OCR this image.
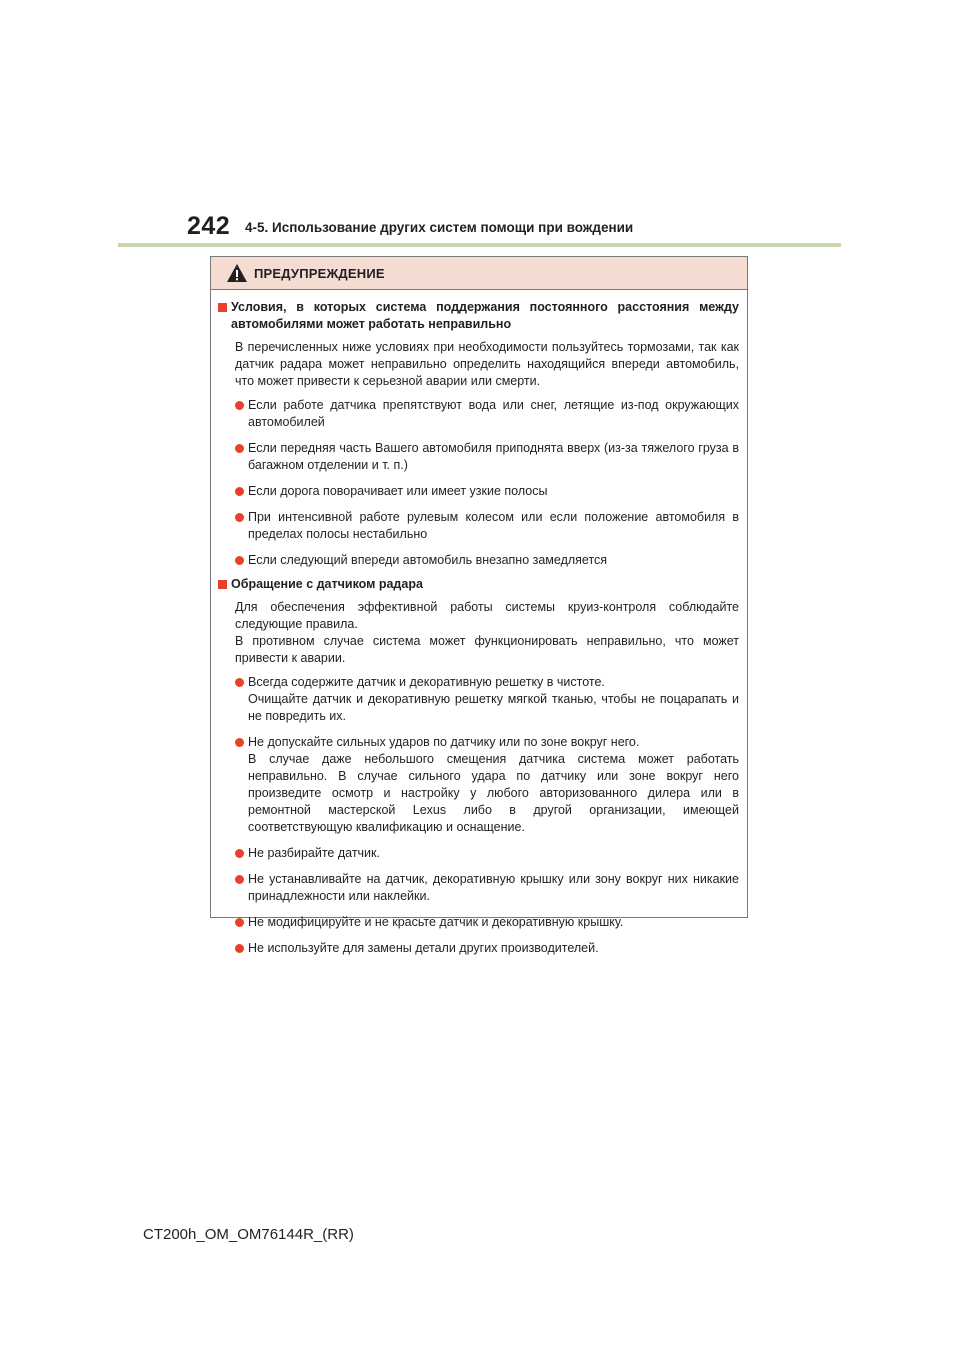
242 4-5. Использование других систем помощи при вождении
ПРЕДУПРЕЖДЕНИЕ
Условия, в которых система поддержания постоянного расстояния между автомобилями может работать неправильно
В перечисленных ниже условиях при необходимости пользуйтесь тормозами, так как датчик радара может неправильно определить находящийся впереди автомобиль, что может привести к серьезной аварии или смерти.
Если работе датчика препятствуют вода или снег, летящие из-под окружающих автомобилей
Если передняя часть Вашего автомобиля приподнята вверх (из-за тяжелого груза в багажном отделении и т. п.)
Если дорога поворачивает или имеет узкие полосы
При интенсивной работе рулевым колесом или если положение автомобиля в пределах полосы нестабильно
Если следующий впереди автомобиль внезапно замедляется
Обращение с датчиком радара
Для обеспечения эффективной работы системы круиз-контроля соблюдайте следующие правила.
В противном случае система может функционировать неправильно, что может привести к аварии.
Всегда содержите датчик и декоративную решетку в чистоте.
Очищайте датчик и декоративную решетку мягкой тканью, чтобы не поцарапать и не повредить их.
Не допускайте сильных ударов по датчику или по зоне вокруг него.
В случае даже небольшого смещения датчика система может работать неправильно. В случае сильного удара по датчику или зоне вокруг него произведите осмотр и настройку у любого авторизованного дилера или в ремонтной мастерской Lexus либо в другой организации, имеющей соответствующую квалификацию и оснащение.
Не разбирайте датчик.
Не устанавливайте на датчик, декоративную крышку или зону вокруг них никакие принадлежности или наклейки.
Не модифицируйте и не красьте датчик и декоративную крышку.
Не используйте для замены детали других производителей.
CT200h_OM_OM76144R_(RR)
